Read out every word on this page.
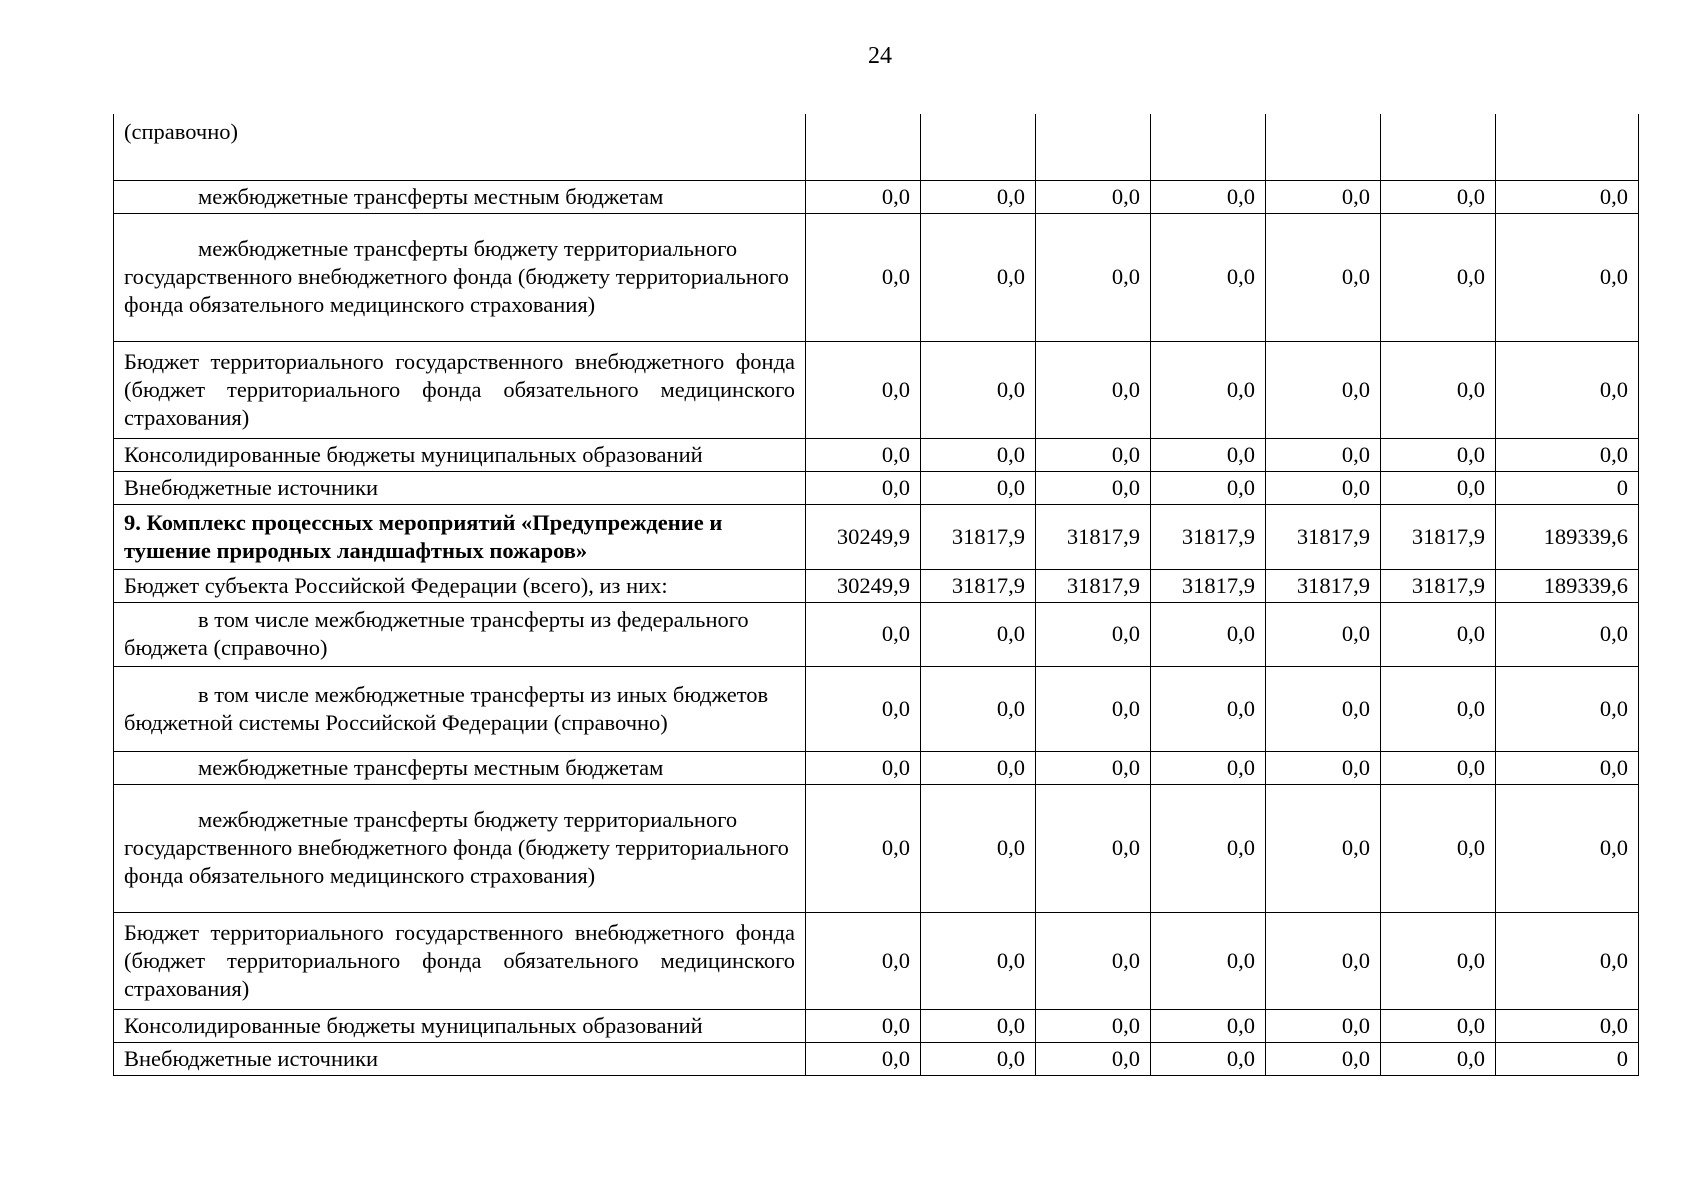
24
(справочно)							
межбюджетные трансферты местным бюджетам	0,0	0,0	0,0	0,0	0,0	0,0	0,0
межбюджетные трансферты бюджету территориального государственного внебюджетного фонда (бюджету территориального фонда обязательного медицинского страхования)	0,0	0,0	0,0	0,0	0,0	0,0	0,0
Бюджет территориального государственного внебюджетного фонда (бюджет территориального фонда обязательного медицинского страхования)	0,0	0,0	0,0	0,0	0,0	0,0	0,0
Консолидированные бюджеты муниципальных образований	0,0	0,0	0,0	0,0	0,0	0,0	0,0
Внебюджетные источники	0,0	0,0	0,0	0,0	0,0	0,0	0
9. Комплекс процессных мероприятий «Предупреждение и тушение природных ландшафтных пожаров»	30249,9	31817,9	31817,9	31817,9	31817,9	31817,9	189339,6
Бюджет субъекта Российской Федерации (всего), из них:	30249,9	31817,9	31817,9	31817,9	31817,9	31817,9	189339,6
в том числе межбюджетные трансферты из федерального бюджета (справочно)	0,0	0,0	0,0	0,0	0,0	0,0	0,0
в том числе межбюджетные трансферты из иных бюджетов бюджетной системы Российской Федерации (справочно)	0,0	0,0	0,0	0,0	0,0	0,0	0,0
межбюджетные трансферты местным бюджетам	0,0	0,0	0,0	0,0	0,0	0,0	0,0
межбюджетные трансферты бюджету территориального государственного внебюджетного фонда (бюджету территориального фонда обязательного медицинского страхования)	0,0	0,0	0,0	0,0	0,0	0,0	0,0
Бюджет территориального государственного внебюджетного фонда (бюджет территориального фонда обязательного медицинского страхования)	0,0	0,0	0,0	0,0	0,0	0,0	0,0
Консолидированные бюджеты муниципальных образований	0,0	0,0	0,0	0,0	0,0	0,0	0,0
Внебюджетные источники	0,0	0,0	0,0	0,0	0,0	0,0	0
